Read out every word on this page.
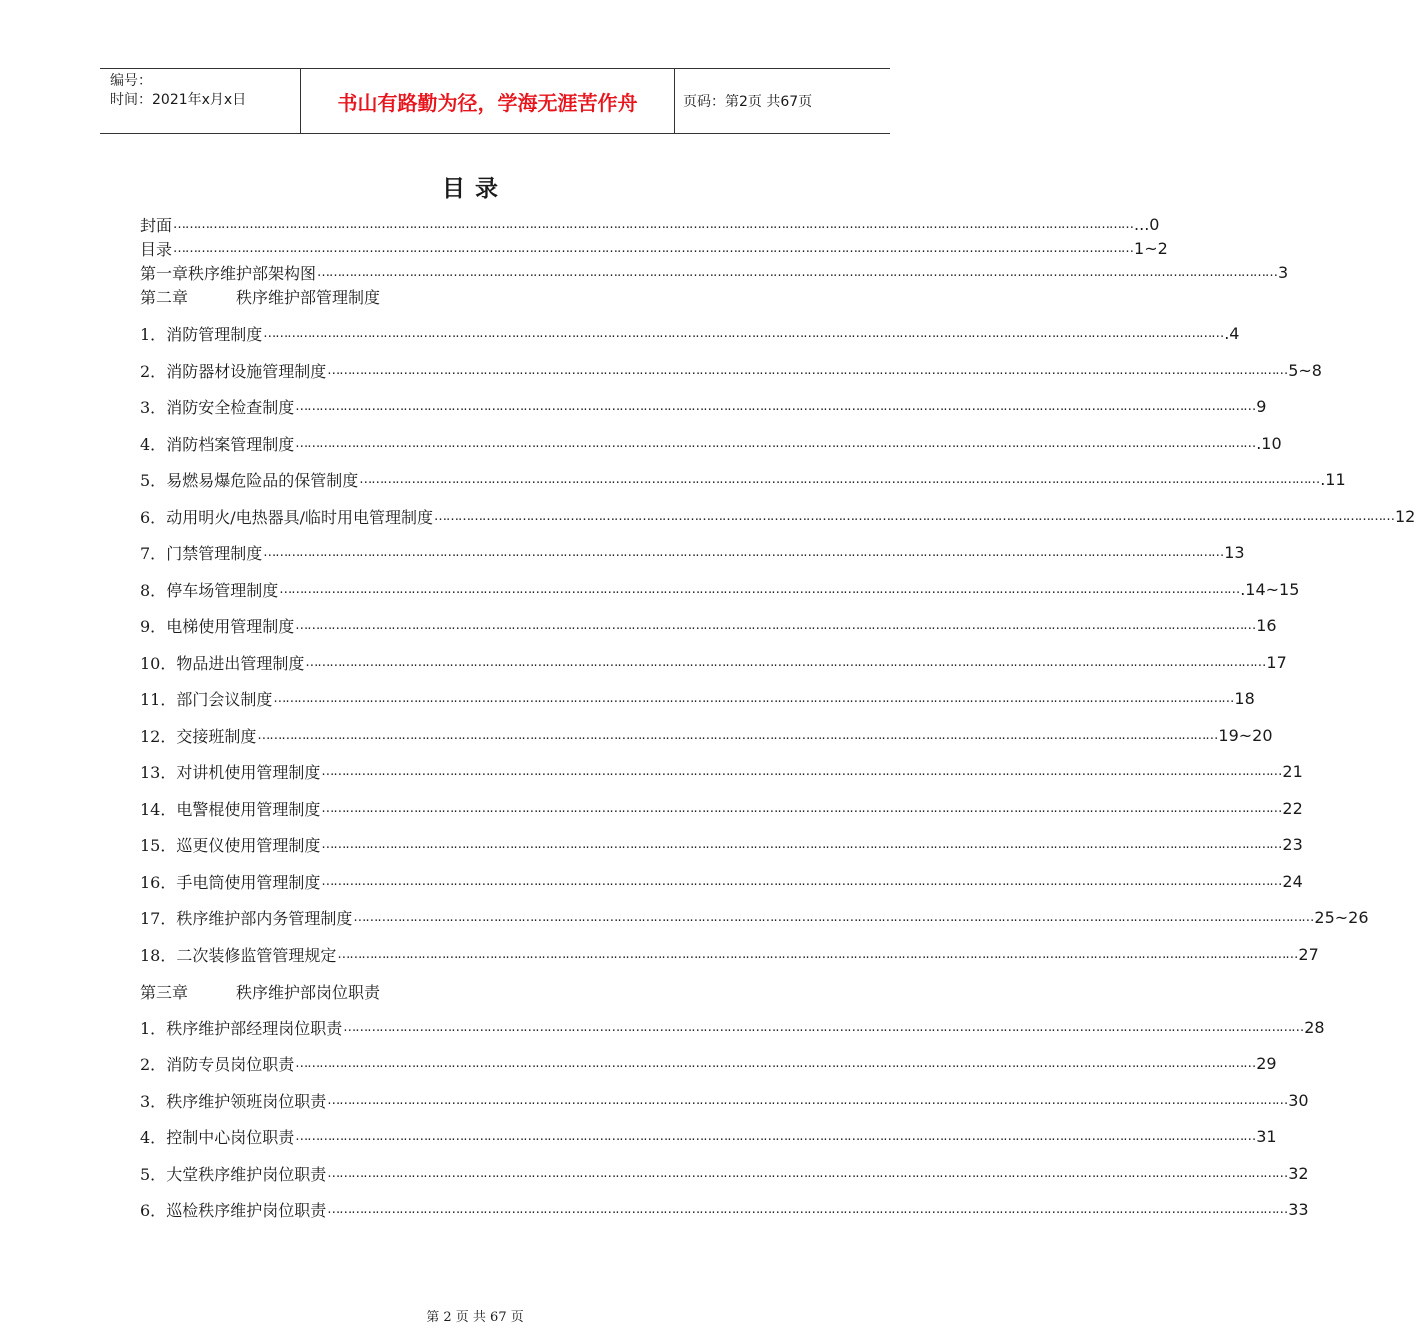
编号：
时间：2021年x月x日	书山有路勤为径，学海无涯苦作舟	页码：第2页 共67页
目录
封面 …………………………………………………………………………………………………………………………………………………………………………………………………………………… ...0
目录 …………………………………………………………………………………………………………………………………………………………………………………………………………………… 1~2
第一章 秩序维护部架构图 …………………………………………………………………………………………………………………………………………………………………………………………………………………… 3
第二章	秩序维护部管理制度
1． 消防管理制度 …………………………………………………………………………………………………………………………………………………………………………………………………………………… .4
2． 消防器材设施管理制度 …………………………………………………………………………………………………………………………………………………………………………………………………………………… 5~8
3． 消防安全检查制度 …………………………………………………………………………………………………………………………………………………………………………………………………………………… 9
4． 消防档案管理制度 …………………………………………………………………………………………………………………………………………………………………………………………………………………… .10
5． 易燃易爆危险品的保管制度 …………………………………………………………………………………………………………………………………………………………………………………………………………………… .11
6． 动用明火/电热器具/临时用电管理制度 …………………………………………………………………………………………………………………………………………………………………………………………………………………… 12
7． 门禁管理制度 …………………………………………………………………………………………………………………………………………………………………………………………………………………… 13
8． 停车场管理制度 …………………………………………………………………………………………………………………………………………………………………………………………………………………… .14~15
9． 电梯使用管理制度 …………………………………………………………………………………………………………………………………………………………………………………………………………………… 16
10． 物品进出管理制度 …………………………………………………………………………………………………………………………………………………………………………………………………………………… 17
11． 部门会议制度 …………………………………………………………………………………………………………………………………………………………………………………………………………………… 18
12． 交接班制度 …………………………………………………………………………………………………………………………………………………………………………………………………………………… 19~20
13． 对讲机使用管理制度 …………………………………………………………………………………………………………………………………………………………………………………………………………………… 21
14． 电警棍使用管理制度 …………………………………………………………………………………………………………………………………………………………………………………………………………………… 22
15． 巡更仪使用管理制度 …………………………………………………………………………………………………………………………………………………………………………………………………………………… 23
16． 手电筒使用管理制度 …………………………………………………………………………………………………………………………………………………………………………………………………………………… 24
17． 秩序维护部内务管理制度 …………………………………………………………………………………………………………………………………………………………………………………………………………………… 25~26
18． 二次装修监管管理规定 …………………………………………………………………………………………………………………………………………………………………………………………………………………… 27
第三章	秩序维护部岗位职责
1． 秩序维护部经理岗位职责 …………………………………………………………………………………………………………………………………………………………………………………………………………………… 28
2． 消防专员岗位职责 …………………………………………………………………………………………………………………………………………………………………………………………………………………… 29
3． 秩序维护领班岗位职责 …………………………………………………………………………………………………………………………………………………………………………………………………………………… 30
4． 控制中心岗位职责 …………………………………………………………………………………………………………………………………………………………………………………………………………………… 31
5． 大堂秩序维护岗位职责 …………………………………………………………………………………………………………………………………………………………………………………………………………………… 32
6． 巡检秩序维护岗位职责 …………………………………………………………………………………………………………………………………………………………………………………………………………………… 33
第 2 页 共 67 页
